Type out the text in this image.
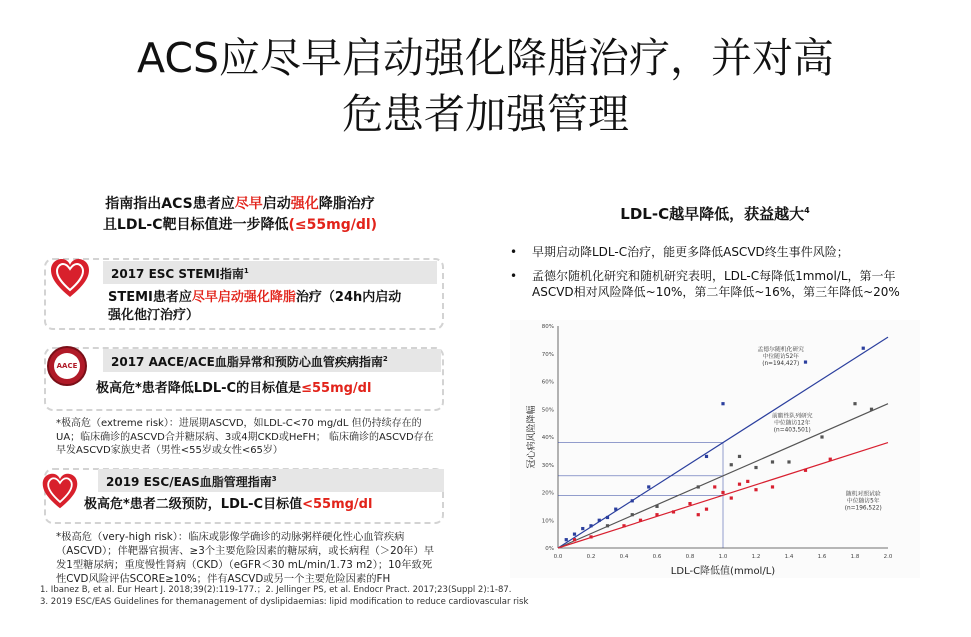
ACS应尽早启动强化降脂治疗，并对高
危患者加强管理
指南指出ACS患者应尽早启动强化降脂治疗
且LDL-C靶目标值进一步降低(≤55mg/dl)
2017 ESC STEMI指南$^1$
STEMI患者应尽早启动强化降脂治疗（24h内启动
强化他汀治疗）
AACE	2017 AACE/ACE血脂异常和预防心血管疾病指南$^2$
极高危*患者降低LDL-C的目标值是≤55mg/dl
*极高危（extreme risk）：进展期ASCVD，如LDL-C<70 mg/dL 但仍持续存在的UA；临床确诊的ASCVD合并糖尿病、3或4期CKD或HeFH； 临床确诊的ASCVD存在早发ASCVD家族史者（男性<55岁或女性<65岁）
2019 ESC/EAS血脂管理指南$^3$
极高危*患者二级预防，LDL-C目标值<55mg/dl
*极高危（very-high risk）：临床或影像学确诊的动脉粥样硬化性心血管疾病（ASCVD）；伴靶器官损害、≥3个主要危险因素的糖尿病，或长病程（＞20年）早发1型糖尿病；重度慢性肾病（CKD）（eGFR＜30 mL/min/1.73 m2）；10年致死性CVD风险评估SCORE≥10%；伴有ASCVD或另一个主要危险因素的FH
1. Ibanez B, et al. Eur Heart J. 2018;39(2):119-177.；2. Jellinger PS, et al. Endocr Pract. 2017;23(Suppl 2):1-87.
3. 2019 ESC/EAS Guidelines for themanagement of dyslipidaemias: lipid modification to reduce cardiovascular risk
LDL-C越早降低，获益越大$^4$
• 早期启动降LDL-C治疗，能更多降低ASCVD终生事件风险；
• 孟德尔随机化研究和随机研究表明，LDL-C每降低1mmol/L，第一年ASCVD相对风险降低~10%，第二年降低~16%，第三年降低~20%
0.0	0.2	0.4	0.6	0.8	1.0	1.2	1.4	1.6	1.8	2.0
0%
10%
20%
30%
40%
50%
60%
70%
80%
LDL-C降低值(mmol/L)
冠心病风险降幅
孟德尔随机化研究
中位随访52年
(n=194,427)
前瞻性队列研究
中位随访12年
(n=403,501)
随机对照试验
中位随访5年
(n=196,522)
